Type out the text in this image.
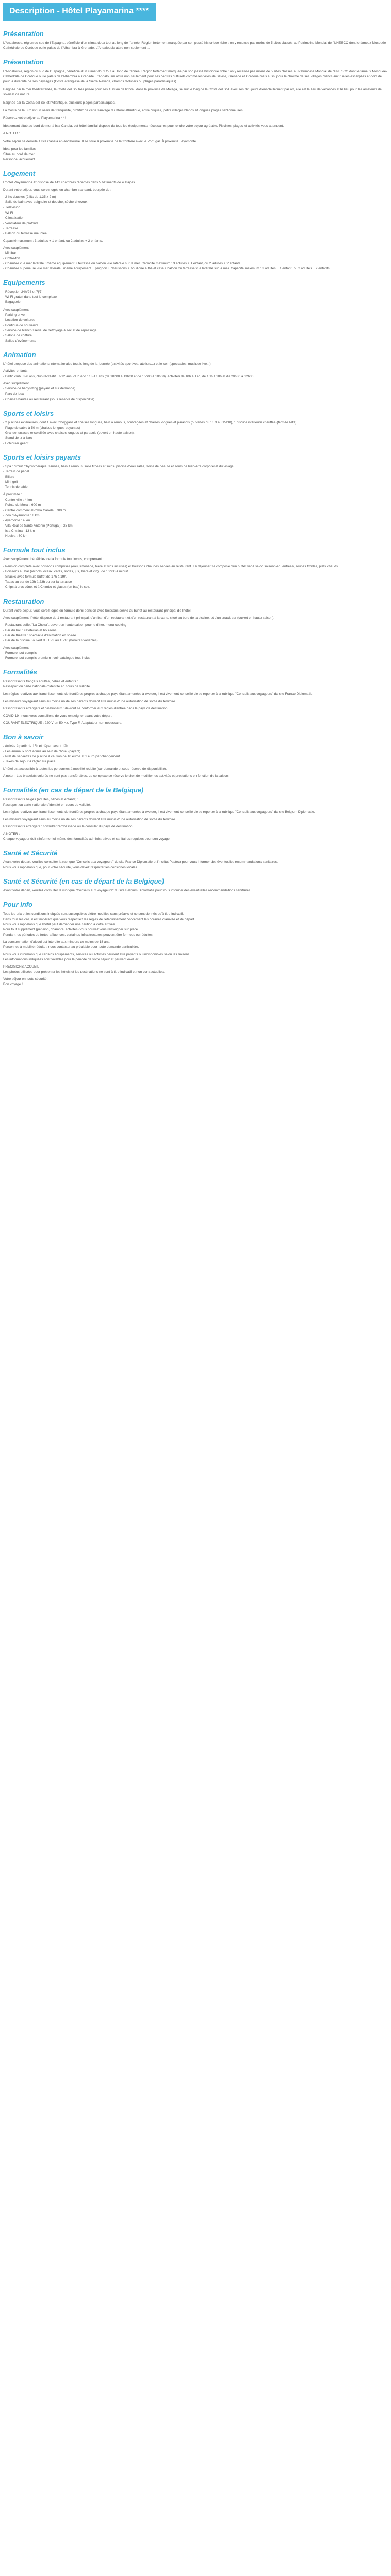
Description - Hôtel Playamarina ****
Présentation

L'Andalousie, région du sud de l'Espagne, bénéficie d'un climat doux tout au long de l'année. Région fortement marquée par son passé historique riche : on y recense pas moins de 5 sites classés au Patrimoine Mondial de l'UNESCO dont le fameux Mosquée-Cathédrale de Cordoue ou le palais de l'Alhambra à Grenade. L'Andalousie attire non seulement ...

Présentation

L'Andalousie, région du sud de l'Espagne, bénéficie d'un climat doux tout au long de l'année. Région fortement marquée par son passé historique riche : on y recense pas moins de 5 sites classés au Patrimoine Mondial de l'UNESCO dont le fameux Mosquée-Cathédrale de Cordoue ou le palais de l'Alhambra à Grenade. L'Andalousie attire non seulement pour ses centres culturels comme les villes de Séville, Grenade et Cordoue mais aussi pour le charme de ses villages blancs aux ruelles escarpées et dont de pour la diversité de ses paysages (Costa ateniglese de la Sierra Nevada, champs d'oliviers ou plages paradisiaques).

Baignée par la mer Méditerranée, la Costa del Sol très prisée pour ses 150 km de littoral, dans la province de Malaga, se suit le long de la Costa del Sol. Avec ses 325 jours d'ensoleillement par an, elle est le lieu de vacances et le lieu pour les amateurs de soleil et de nature.

Baignée par la Costa del Sol et l'Atlantique, plusieurs plages paradisiaques...

La Costa de la Luz est un oasis de tranquillité, profitez de cette sauvage du littoral atlantique, entre criques, petits villages blancs et longues plages sablonneuses.

Réservez votre séjour au Playamarina 4* !

Idéalement situé au bord de mer à Isla Canela, cet hôtel familial dispose de tous les équipements nécessaires pour rendre votre séjour agréable. Piscines, plages et activités vous attendent.

A NOTER :

Votre séjour se déroule à Isla Canela en Andalousie. Il se situe à proximité de la frontière avec le Portugal. À proximité : Ayamonte.

Idéal pour les familles
Situé au bord de mer
Personnel accueillant
Logement
L'hôtel Playamarina 4* dispose de 142 chambres réparties dans 5 bâtiments de 4 étages.
Durant votre séjour, vous serez logés en chambre standard, équipée de :
- 2 lits doubles (2 lits de 1.35 x 2 m)
- Salle de bain avec baignoire et douche, sèche-cheveux
- Télévision
- Wi-Fi
- Climatisation
- Ventilateur de plafond
- Terrasse
- Balcon ou terrasse meublée
Capacité maximum : 3 adultes + 1 enfant, ou 2 adultes + 2 enfants.
Avec supplément :
- Minibar
- Coffre-fort
- Chambre vue mer latérale : même équipement + terrasse ou balcon vue latérale sur la mer. Capacité maximum : 3 adultes + 1 enfant, ou 2 adultes + 2 enfants.
- Chambre supérieure vue mer latérale : même équipement + peignoir + chaussons + bouilloire à thé et café + balcon ou terrasse vue latérale sur la mer. Capacité maximum : 3 adultes + 1 enfant, ou 2 adultes + 2 enfants.
Equipements
- Réception 24h/24 et 7j/7
- Wi-Fi gratuit dans tout le complexe
- Bagagerie
Avec supplément :
- Parking privé
- Location de voitures
- Boutique de souvenirs
- Service de blanchisserie, de nettoyage à sec et de repassage
- Salons de coiffure
- Salles d'événements
Animation
L'hôtel propose des animations internationales tout le long de la journée (activités sportives, ateliers...) et le soir (spectacles, musique live...).
Activités enfants
- Deltic club : 3-6 ans, club récréatif : 7-12 ans, club ado : 13-17 ans (de 10h00 à 13h00 et de 15h00 à 18h00). Activités de 10h à 14h, de 16h à 18h et de 20h30 à 22h30.
Avec supplément :
- Service de babysitting (payant et sur demande)
- Parc de jeux
- Chaises hautes au restaurant (sous réserve de disponibilité)
Sports et loisirs
- 2 piscines extérieures, dont 1 avec toboggans et chaises longues, bain à remous, ombragées et chaises longues et parasols (ouvertes du 15.3 au 15/10), 1 piscine intérieure chauffée (fermée l'été).
- Plage de sable à 50 m (chaises longues payantes)
- Grande terrasse ensoleillée avec chaises longues et parasols (ouvert en haute saison).
- Stand de tir à l'arc
- Echiquier géant
Sports et loisirs payants
- Spa : circuit d'hydrothérapie, saunas, bain à remous, salle fitness et soins, piscine d'eau salée, soins de beauté et soins de bien-être corporel et du visage.
- Terrain de padel
- Billard
- Mini-golf
- Tennis de table
À proximité :
- Centre ville : 4 km
- Pointe du Moral : 600 m
- Centre commercial d'Isla Canela : 700 m
- Zoo d'Ayamonte : 8 km
- Ayamonte : 4 km
- Vila Real de Santo Antonio (Portugal) : 23 km
- Isla Cristina : 13 km
- Huelva : 60 km
Formule tout inclus
Avec supplément, bénéficiez de la formule tout inclus, comprenant :
- Pension complète avec boissons comprises (eau, limonade, bière et vins incluses) et boissons chaudes servies au restaurant. Le déjeuner se compose d'un buffet varié selon saisonnier : entrées, soupes froides, plats chauds...
- Boissons au bar (alcools locaux, cafés, sodas, jus, bière et vin) : de 10h00 à minuit.
- Snacks avec formule buffet de 17h à 19h.
- Tapas au bar de 12h à 23h ou sur la terrasse
- Chips à un/s cône, et à Chimbo et glaces (en bac) le soir.
Restauration
Durant votre séjour, vous serez logés en formule demi-pension avec boissons servie au buffet au restaurant principal de l'hôtel.
Avec supplément, l'hôtel dispose de 1 restaurant principal, d'un bar, d'un restaurant et d'un restaurant à la carte, situé au bord de la piscine, et d'un snack-bar (ouvert en haute saison).
- Restaurant buffet "La Choza", ouvert en haute saison pour le dîner, menu cooking
- Bar du hall : cafétérias et boissons
- Bar de théâtre : spectacle d'animation en soirée.
- Bar de la piscine : ouvert du 15/3 au 15/10 (horaires variables)
Avec supplément :
- Formule tout compris
- Formule tout compris premium : voir catalogue tout inclus
Formalités
Ressortissants français adultes, bébés et enfants :
Passeport ou carte nationale d'identité en cours de validité.
Les règles relatives aux franchissements de frontières propres à chaque pays étant amenées à évoluer, il est vivement conseillé de se reporter à la rubrique "Conseils aux voyageurs" du site France Diplomatie.
Les mineurs voyageant sans au moins un de ses parents doivent être munis d'une autorisation de sortie du territoire.
Ressortissants étrangers et binationaux : devront se conformer aux règles d'entrée dans le pays de destination.
COVID-19 : nous vous conseillons de vous renseigner avant votre départ.
COURANT ÉLECTRIQUE : 220 V en 50 Hz. Type F. Adaptateur non nécessaire.
Bon à savoir
- Arrivée à partir de 15h et départ avant 12h.
- Les animaux sont admis au sein de l'hôtel (payant).
- Prêt de serviettes de piscine à caution de 10 euros et 1 euro par changement.
- Taxes de séjour à régler sur place.
L'hôtel est accessible à toutes les personnes à mobilité réduite (sur demande et sous réserve de disponibilité).
A noter : Les bracelets colorés ne sont pas transférables. Le complexe se réserve le droit de modifier les activités et prestations en fonction de la saison.
Formalités (en cas de départ de la Belgique)
Ressortissants belges (adultes, bébés et enfants) :
Passeport ou carte nationale d'identité en cours de validité.
Les règles relatives aux franchissements de frontières propres à chaque pays étant amenées à évoluer, il est vivement conseillé de se reporter à la rubrique "Conseils aux voyageurs" du site Belgium Diplomatie.
Les mineurs voyageant sans au moins un de ses parents doivent être munis d'une autorisation de sortie du territoire.
Ressortissants étrangers : consulter l'ambassade ou le consulat du pays de destination.
A NOTER :
Chaque voyageur doit s'informer lui-même des formalités administratives et sanitaires requises pour son voyage.
Santé et Sécurité
Avant votre départ, veuillez consulter la rubrique "Conseils aux voyageurs" du site France Diplomatie et l'Institut Pasteur pour vous informer des éventuelles recommandations sanitaires.
Nous vous rappelons que, pour votre sécurité, vous devez respecter les consignes locales.
Santé et Sécurité (en cas de départ de la Belgique)
Avant votre départ, veuillez consulter la rubrique "Conseils aux voyageurs" du site Belgium Diplomatie pour vous informer des éventuelles recommandations sanitaires.
Pour info
Tous les prix et les conditions indiqués sont susceptibles d'être modifiés sans préavis et ne sont donnés qu'à titre indicatif.
Dans tous les cas, il est impératif que vous respectiez les règles de l'établissement concernant les horaires d'arrivée et de départ.
Nous vous rappelons que l'hôtel peut demander une caution à votre arrivée.
Pour tout supplément (pension, chambre, activités) vous pouvez vous renseigner sur place.
Pendant les périodes de fortes affluences, certaines infrastructures peuvent être fermées ou réduites.
La consommation d'alcool est interdite aux mineurs de moins de 18 ans.
Personnes à mobilité réduite : nous contacter au préalable pour toute demande particulière.
Nous vous informons que certains équipements, services ou activités peuvent être payants ou indisponibles selon les saisons.
Les informations indiquées sont valables pour la période de votre séjour et peuvent évoluer.
PRÉCISIONS ACCUEIL
Les photos utilisées pour présenter les hôtels et les destinations ne sont à titre indicatif et non contractuelles.
Votre séjour en toute sécurité !
Bon voyage !
